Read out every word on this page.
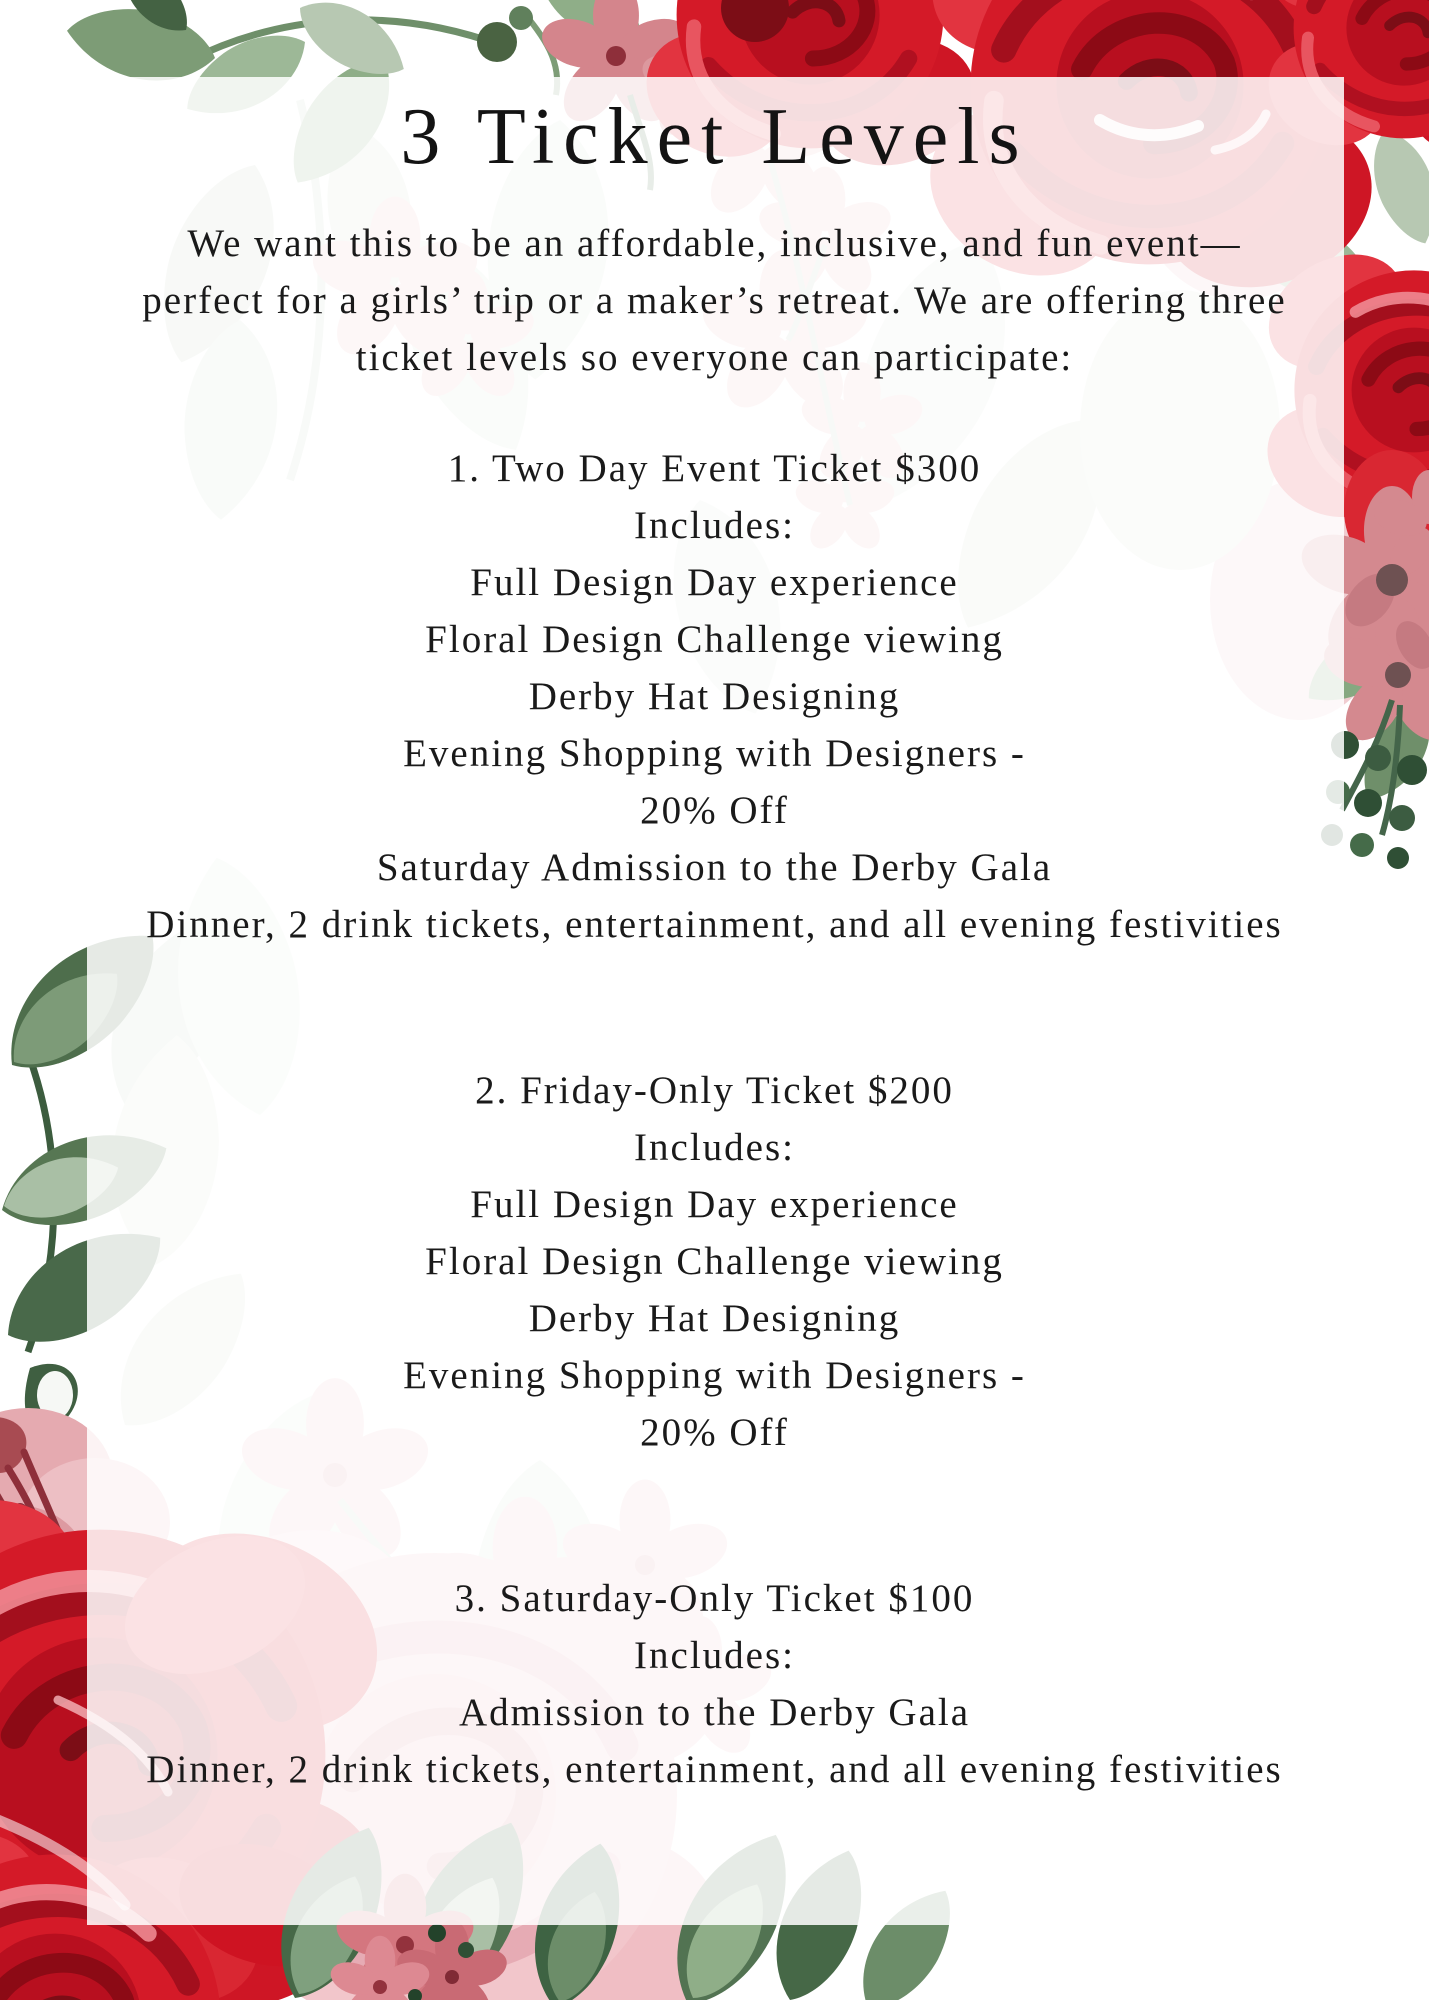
3 Ticket Levels

We want this to be an affordable, inclusive, and fun event—

perfect for a girls’ trip or a maker’s retreat. We are offering three

ticket levels so everyone can participate:

1. Two Day Event Ticket $300

Includes:

Full Design Day experience

Floral Design Challenge viewing

Derby Hat Designing

Evening Shopping with Designers -

20% Off

Saturday Admission to the Derby Gala

Dinner, 2 drink tickets, entertainment, and all evening festivities

2. Friday-Only Ticket $200

Includes:

Full Design Day experience

Floral Design Challenge viewing

Derby Hat Designing

Evening Shopping with Designers -

20% Off

3. Saturday-Only Ticket $100

Includes:

Admission to the Derby Gala

Dinner, 2 drink tickets, entertainment, and all evening festivities
